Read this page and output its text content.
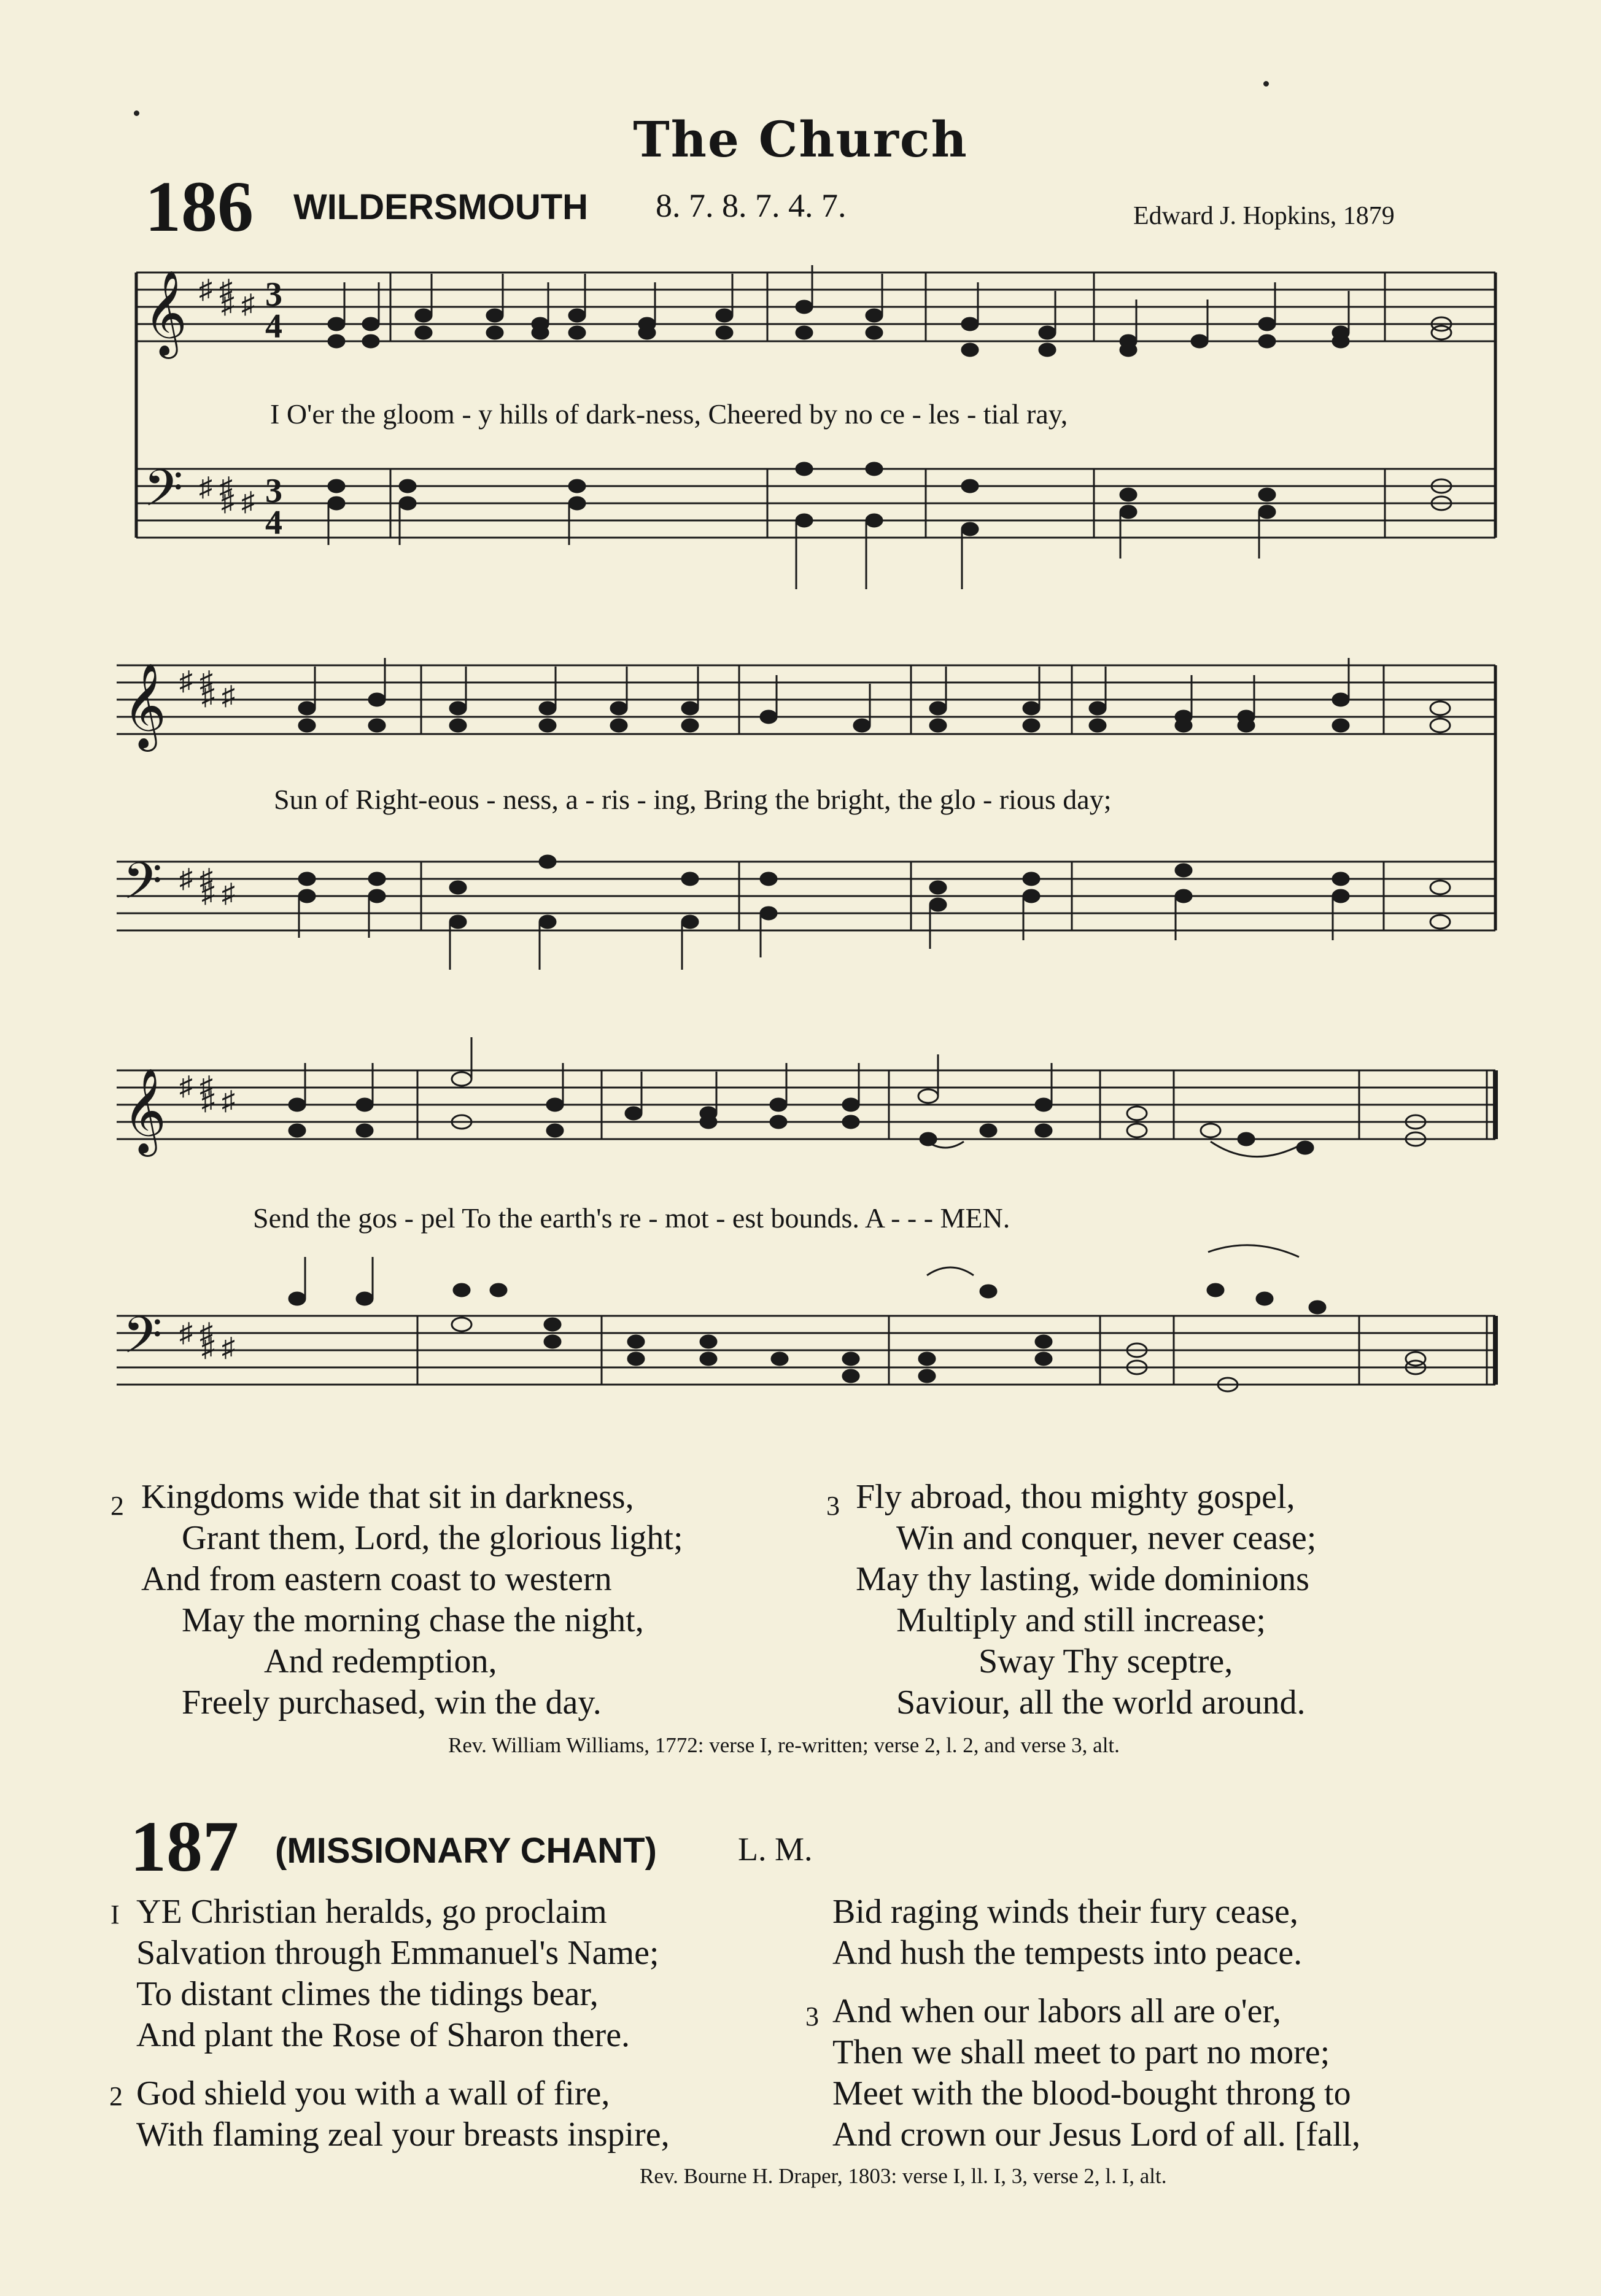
The Church
186 WILDERSMOUTH 8. 7. 8. 7. 4. 7.	Edward J. Hopkins, 1879
𝄞
𝄢
♯ ♯
♯ ♯
♯ ♯
♯ ♯
3
4
3
4
I O'er the gloom - y hills of dark-ness, Cheered by no ce - les - tial ray,
𝄞
𝄢
♯ ♯
♯ ♯
♯ ♯
♯ ♯
Sun of Right-eous - ness, a - ris - ing, Bring the bright, the glo - rious day;
𝄞
𝄢
♯ ♯
♯ ♯
♯ ♯
♯ ♯
Send the gos - pel To the earth's re - mot - est bounds. A - - - MEN.
2 Kingdoms wide that sit in darkness,

Grant them, Lord, the glorious light;

And from eastern coast to western

May the morning chase the night,

And redemption,

Freely purchased, win the day.

3 Fly abroad, thou mighty gospel,

Win and conquer, never cease;

May thy lasting, wide dominions

Multiply and still increase;

Sway Thy sceptre,

Saviour, all the world around.

Rev. William Williams, 1772: verse I, re-written; verse 2, l. 2, and verse 3, alt.
187 (MISSIONARY CHANT) L. M.
I YE Christian heralds, go proclaim

Salvation through Emmanuel's Name;

To distant climes the tidings bear,

And plant the Rose of Sharon there.

2 God shield you with a wall of fire,

With flaming zeal your breasts inspire,

Bid raging winds their fury cease,

And hush the tempests into peace.

3 And when our labors all are o'er,

Then we shall meet to part no more;

Meet with the blood-bought throng to

And crown our Jesus Lord of all. [fall,

Rev. Bourne H. Draper, 1803: verse I, ll. I, 3, verse 2, l. I, alt.
